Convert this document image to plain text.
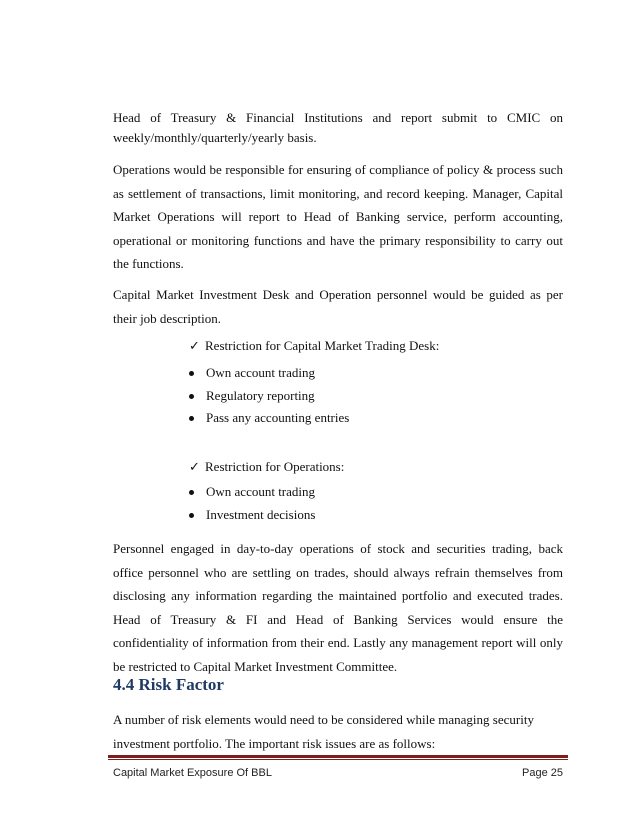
Head of Treasury & Financial Institutions and report submit to CMIC on

weekly/monthly/quarterly/yearly basis.

Operations would be responsible for ensuring of compliance of policy & process such as settlement of transactions, limit monitoring, and record keeping. Manager, Capital Market Operations will report to Head of Banking service, perform accounting, operational or monitoring functions and have the primary responsibility to carry out the functions.

Capital Market Investment Desk and Operation personnel would be guided as per their job description.

✓ Restriction for Capital Market Trading Desk:
Own account trading
Regulatory reporting
Pass any accounting entries
✓ Restriction for Operations:
Own account trading
Investment decisions

Personnel engaged in day-to-day operations of stock and securities trading, back office personnel who are settling on trades, should always refrain themselves from disclosing any information regarding the maintained portfolio and executed trades. Head of Treasury & FI and Head of Banking Services would ensure the confidentiality of information from their end. Lastly any management report will only be restricted to Capital Market Investment Committee.

4.4 Risk Factor

A number of risk elements would need to be considered while managing security investment portfolio. The important risk issues are as follows:

Capital Market Exposure Of BBL	Page 25
